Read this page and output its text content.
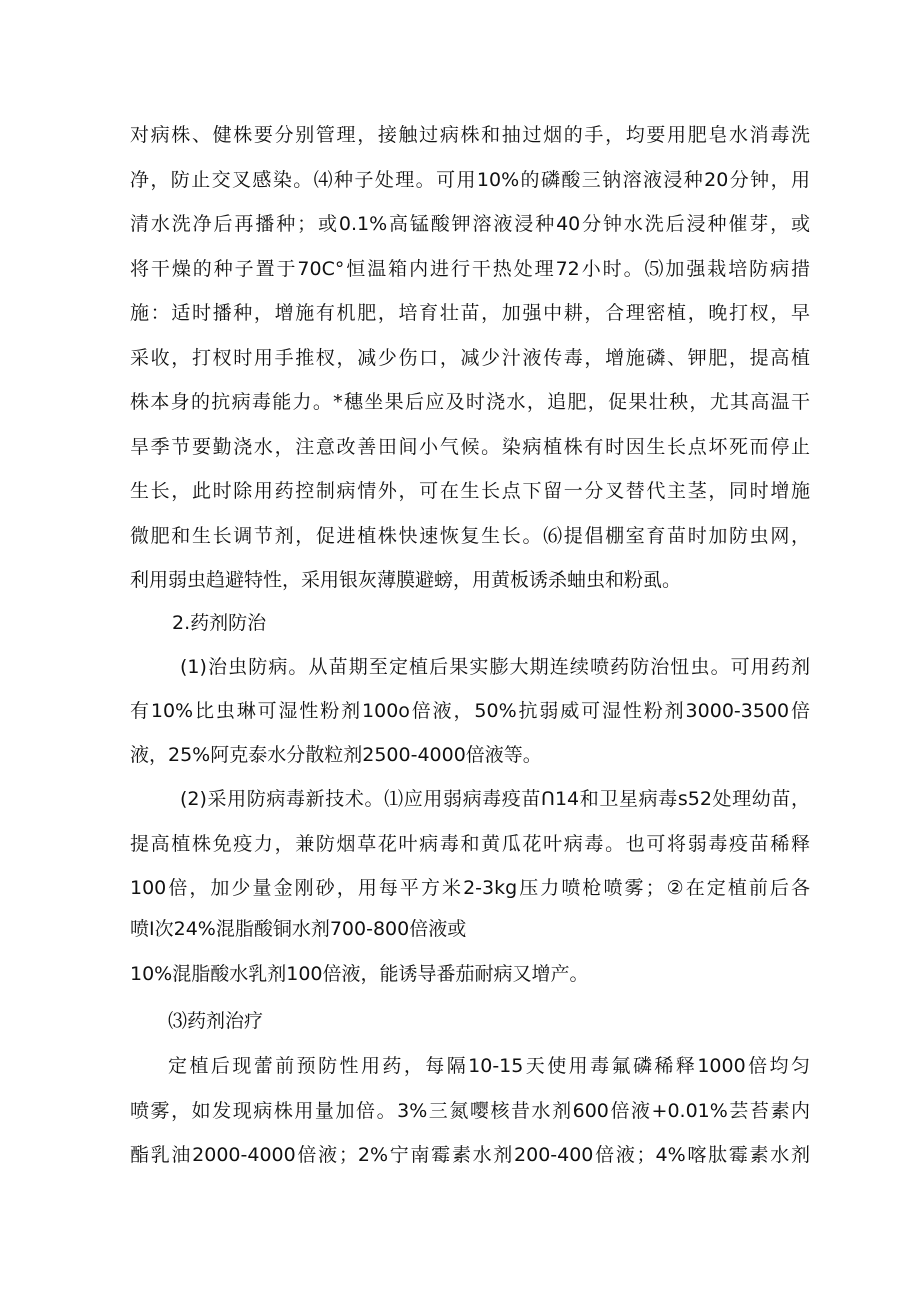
对病株、健株要分别管理，接触过病株和抽过烟的手，均要用肥皂水消毒洗
净，防止交叉感染。⑷种子处理。可用10%的磷酸三钠溶液浸种20分钟，用
清水洗净后再播种；或0.1%高锰酸钾溶液浸种40分钟水洗后浸种催芽，或
将干燥的种子置于70C°恒温箱内进行干热处理72小时。⑸加强栽培防病措
施：适时播种，增施有机肥，培育壮苗，加强中耕，合理密植，晚打杈，早
采收，打杈时用手推杈，减少伤口，减少汁液传毒，增施磷、钾肥，提高植
株本身的抗病毒能力。*穗坐果后应及时浇水，追肥，促果壮秧，尤其高温干
旱季节要勤浇水，注意改善田间小气候。染病植株有时因生长点坏死而停止
生长，此时除用药控制病情外，可在生长点下留一分叉替代主茎，同时增施
微肥和生长调节剂，促进植株快速恢复生长。⑹提倡棚室育苗时加防虫网，
利用弱虫趋避特性，采用银灰薄膜避螃，用黄板诱杀蚰虫和粉虱。
2.药剂防治
(1)治虫防病。从苗期至定植后果实膨大期连续喷药防治忸虫。可用药剂
有10%比虫琳可湿性粉剂100o倍液，50%抗弱威可湿性粉剂3000-3500倍
液，25%阿克泰水分散粒剂2500-4000倍液等。
(2)采用防病毒新技术。⑴应用弱病毒疫苗Ո14和卫星病毒s52处理幼苗，
提高植株免疫力，兼防烟草花叶病毒和黄瓜花叶病毒。也可将弱毒疫苗稀释
100倍，加少量金刚砂，用每平方米2-3kg压力喷枪喷雾；②在定植前后各
喷I次24%混脂酸铜水剂700-800倍液或
10%混脂酸水乳剂100倍液，能诱导番茄耐病又增产。
⑶药剂治疗
定植后现蕾前预防性用药，每隔10-15天使用毒氟磷稀释1000倍均匀
喷雾，如发现病株用量加倍。3%三氮嘤核昔水剂600倍液+0.01%芸苔素内
酯乳油2000-4000倍液；2%宁南霉素水剂200-400倍液；4%喀肽霉素水剂
